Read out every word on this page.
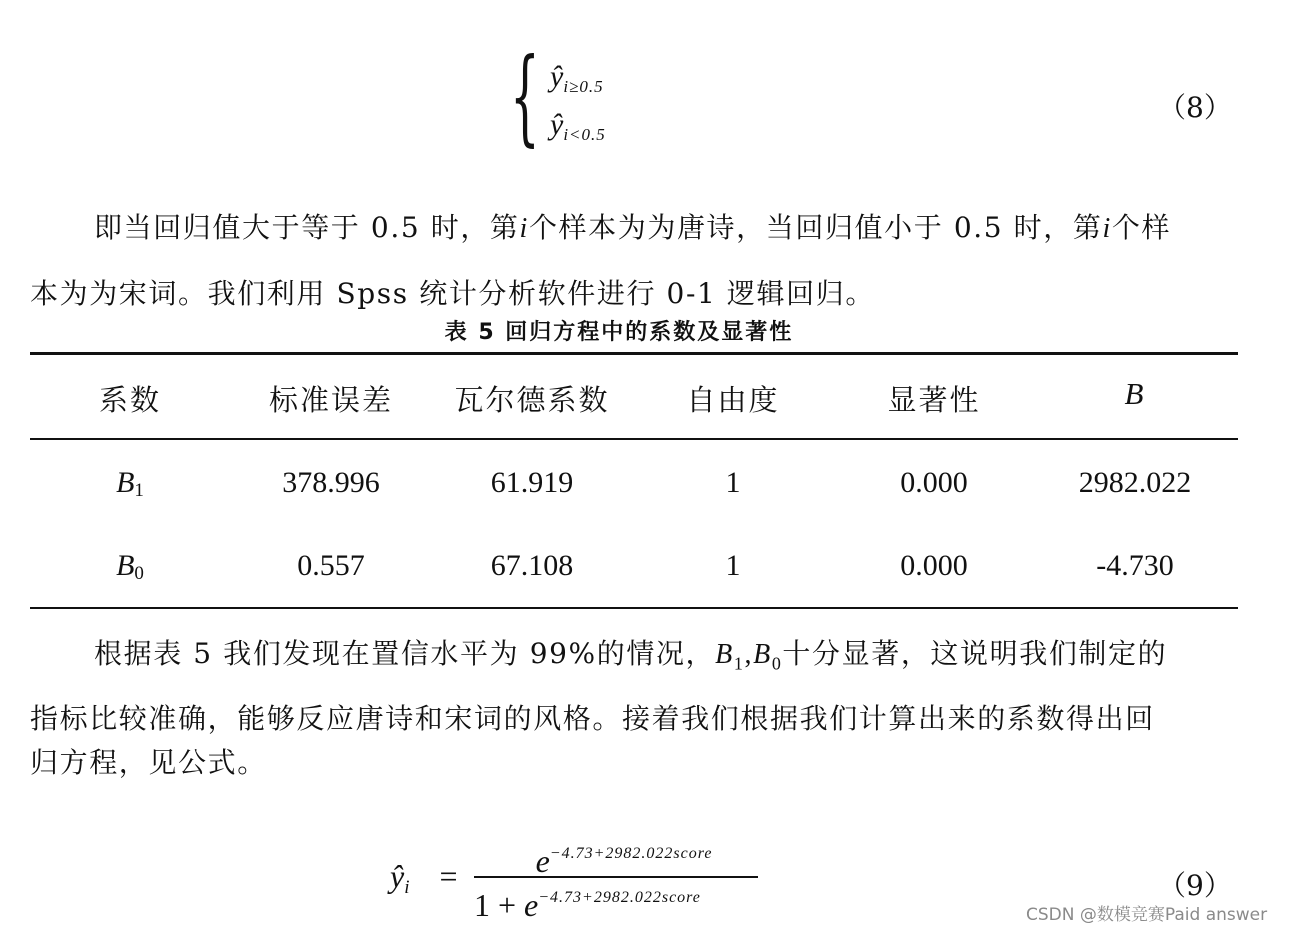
{ $ŷ_{i\ge 0.5}$
$ŷ_{i<0.5}$
（8）
即当回归值大于等于 0.5 时，第i个样本为为唐诗，当回归值小于 0.5 时，第i个样
本为为宋词。我们利用 Spss 统计分析软件进行 0-1 逻辑回归。
表 5 回归方程中的系数及显著性
系数	标准误差	瓦尔德系数	自由度	显著性	B
$B_1$	378.996	61.919	1	0.000	2982.022
$B_0$	0.557	67.108	1	0.000	-4.730
根据表 5 我们发现在置信水平为 99%的情况，$B_1,B_0$十分显著，这说明我们制定的
指标比较准确，能够反应唐诗和宋词的风格。接着我们根据我们计算出来的系数得出回
归方程，见公式。
$ŷ_i$ =	$e^{-4.73+2982.022score}$
$1 + e^{-4.73+2982.022score}$	（9）
CSDN @数模竞赛Paid answer
